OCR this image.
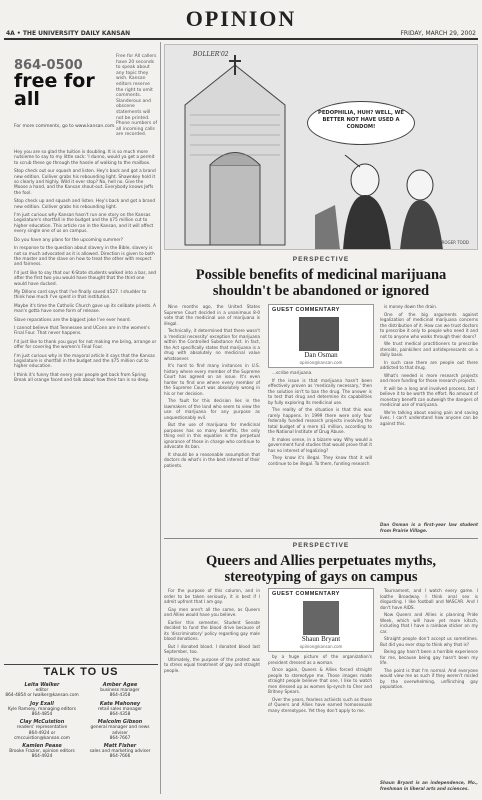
OPINION
4A • THE UNIVERSITY DAILY KANSAN	FRIDAY, MARCH 29, 2002
864-0500
free for
all
Free for All callers have 20 seconds to speak about any topic they wish. Kansan editors reserve the right to omit comments. Slanderous and obscene statements will not be printed. Phone numbers of all incoming calls are recorded.
For more comments, go to www.kansan.com.

Hey you are so glad the tuition is doubling. It is so much more nutsieme to say to my little sack: 'I dunno, would ya get a permit to scrub these go through the hassle of walking to the mailbox.

Stop check out our squash and listen. Hey's back and got a brand new edition. Colliver grabs his rebounding light. Shawnkey hold it so clearly and highly. Wild it ever stop? No, hell no. Give the Moose a hand, and the Kansan shout-out. Everybody knows Jeffs the fool.

Stop check up and squash and listen. Hey's back and got a brand new edition. Colliver grabs his rebounding light.

I'm just curious why Kansan hasn't run one story on the Kansas Legislature's shortfall in the budget and the $75 million cut to higher education. This article ran in the Kansan, and it will affect every single one of us on campus.

Do you have any plans for the upcoming summer?

In response to the question about slavery in the Bible, slavery is not so much advocated as it is allowed. Direction is given to both the master and the slave on how to treat the other with respect and fairness.

I'd just like to say that our K-State students walked into a bar, and after the first two you would have thought that the third one would have ducked.

My Dillons card says that I've finally saved $527. I shudder to think how much I've spent in that institution.

Maybe it's time the Catholic Church gave up its celibate priests. A man's gotta have some form of release.

Slave reparations are the biggest joke I've ever heard.

I cannot believe that Tennessee and UConn are in the women's Final Four. That never happens.

I'd just like to thank you guys for not making me bring, arrange or offer for covering the women's Final Four.

I'm just curious why in the mayoral article it says that the Kansas Legislature is shortfall in the budget and the $75 million cut to higher education.

I think it's funny that every year people get back from Spring Break all orange faced and talk about how their tan is so deep.

TALK TO US
Leita Walker
editor
864-4854 or lwalker@kansan.com
Joy Exall
Kyle Ramsey, managing editors
864-4854
Clay McCuistion
readers' representative
864-4924 or cmccuistion@kansan.com
Kamlen Pease
Brooke Frazier, opinion editors
864-4924
Amber Agee
business manager
864-4358
Kate Mahoney
retail sales manager
864-4358
Malcolm Gibson
general manager and news adviser
864-7667
Matt Fisher
sales and marketing adviser
864-7666
BOLLER'02
PEDOPHILIA, HUH? WELL, WE BETTER NOT HAVE USED A CONDOM!
DWIGHT ROGER TODD
PERSPECTIVE
Possible benefits of medicinal marijuana shouldn't be abandoned or ignored

Nine months ago, the United States Supreme Court decided in a unanimous 8-0 vote that the medicinal use of marijuana is illegal.

Technically, it determined that there wasn't a 'medical necessity' exception for marijuana within the Controlled Substance Act. In fact, the Act specifically states that marijuana is a drug with absolutely no medicinal value whatsoever.

It's hard to find many instances in U.S. history where every member of the Supreme Court has agreed on an issue. It's even harder to find one where every member of the Supreme Court was absolutely wrong in his or her decision.

The fault for this decision lies in the lawmakers of the land who seem to view the use of marijuana for any purpose as unquestionably evil.

But the use of marijuana for medicinal purposes has so many benefits, the only thing evil in this equation is the perpetual ignorance of those in charge who continue to advocate its ban.

It should be a reasonable assumption that doctors do what's in the best interest of their patients.

GUEST COMMENTARY
Dan Osman
opinion@kansan.com

...scribe marijuana.

If the issue is that marijuana hasn't been effectively proven as 'medically necessary,' then the solution isn't to ban the drug. The answer is to test that drug and determine its capabilities by fully exploring its medicinal use.

The reality of the situation is that this was rarely happens. In 1999 there were only four federally funded research projects involving the total budget of a mere $1 million, according to the National Institute of Drug Abuse.

It makes sense, in a bizarre way. Why would a government fund studies that would prove that it has no interest of legalizing?

They know it's illegal. They know that it will continue to be illegal. To them, funding research

is money down the drain.

One of the big arguments against legalization of medicinal marijuana concerns the distribution of it. How can we trust doctors to prescribe it only to people who need it and not to anyone who walks through their doors?

We trust medical practitioners to prescribe steroids, painkillers and antidepressants on a daily basis.

In such case there are people out there addicted to that drug.

What's needed is more research projects and more funding for those research projects.

It will be a long and involved process, but I believe it to be worth the effort. No amount of monetary benefit can outweigh the dangers of medicinal use of marijuana.

We're talking about easing pain and saving lives. I can't understand how anyone can be against this.

Dan Osman is a first-year law student from Prairie Village.
PERSPECTIVE
Queers and Allies perpetuates myths, stereotyping of gays on campus

For the purpose of this column, and in order to be taken seriously, it is best if I admit upfront that I am gay.

Gay men aren't all the same, as Queers and Allies would have you believe.

Earlier this semester, Student Senate decided to fund the blood drive because of its 'discriminatory' policy regarding gay male blood donations.

But I donated blood. I donated blood last September, too.

Ultimately, the purpose of the protest was to stress equal treatment of gay and straight people.

GUEST COMMENTARY
Shaun Bryant
opinion@kansan.com

by a huge picture of the organization's president dressed as a woman.

Once again, Queers & Allies forced straight people to stereotype me. Those images made straight people believe that one, I like to watch men dressed up as women lip-synch to Cher and Britney Spears.

Over the years, fearless activists such as those of Queers and Allies have earned homosexuals many stereotypes. Yet they don't apply to me.

Tournament, and I watch every game. I loathe Broadway. I think anal sex is disgusting. I like football and NASCAR. And I don't have AIDS.

Now Queers and Allies is planning Pride Week, which will have yet more kitsch, including that I have a rainbow sticker on my car.

Straight people don't accept us sometimes. But did you ever stop to think why that is?

Being gay hasn't been a horrible experience for me, because being gay hasn't been my life.

The point is that I'm normal. And everyone would view me as such if they weren't misled by the overwhelming, unflinching gay population.

Shaun Bryant is an independence, Mo., freshman in liberal arts and sciences.
